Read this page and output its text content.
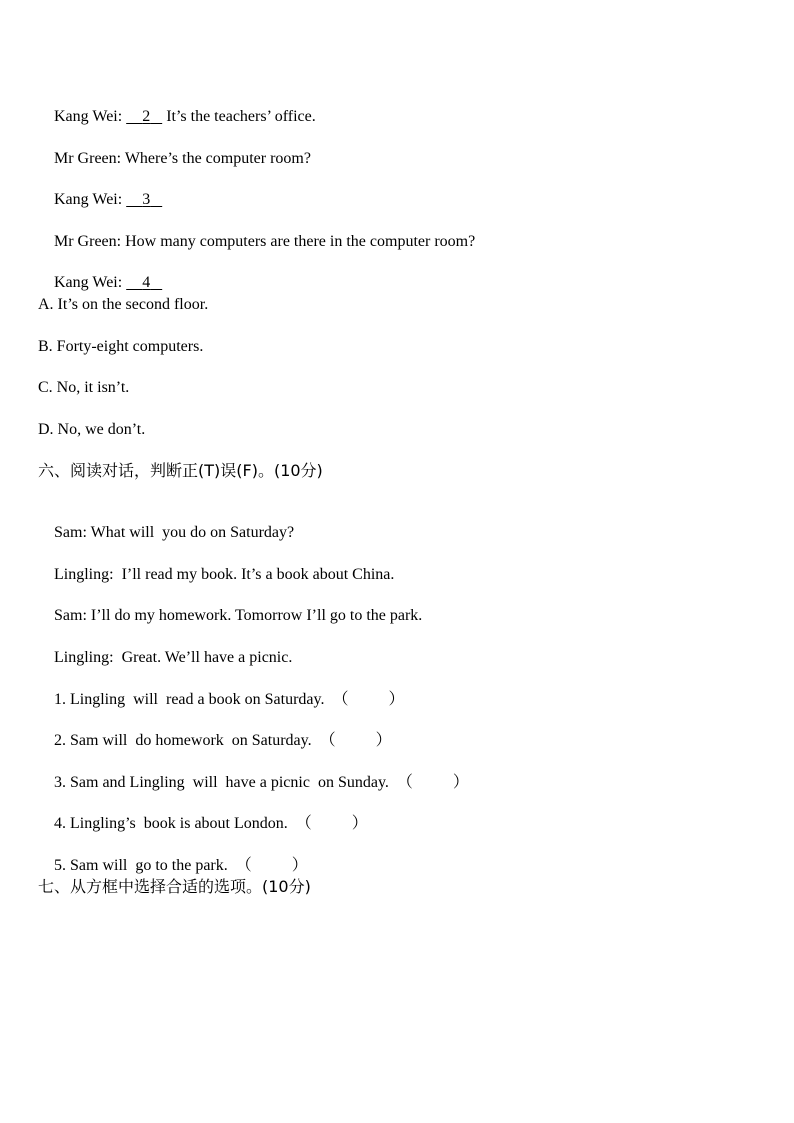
Kang Wei: 2 It’s the teachers’ office.

Mr Green: Where’s the computer room?

Kang Wei: 3

Mr Green: How many computers are there in the computer room?

Kang Wei: 4

A. It’s on the second floor.
B. Forty-eight computers.
C. No, it isn’t.
D. No, we don’t.
六、阅读对话，判断正(T)误(F)。(10分)

Sam: What will  you do on Saturday?

Lingling:  I’ll read my book. It’s a book about China.

Sam: I’ll do my homework. Tomorrow I’ll go to the park.

Lingling:  Great. We’ll have a picnic.

1. Lingling  will  read a book on Saturday. （          ）

2. Sam will  do homework  on Saturday. （          ）

3. Sam and Lingling  will  have a picnic  on Sunday. （          ）

4. Lingling’s  book is about London. （          ）

5. Sam will  go to the park. （          ）

七、从方框中选择合适的选项。(10分)
